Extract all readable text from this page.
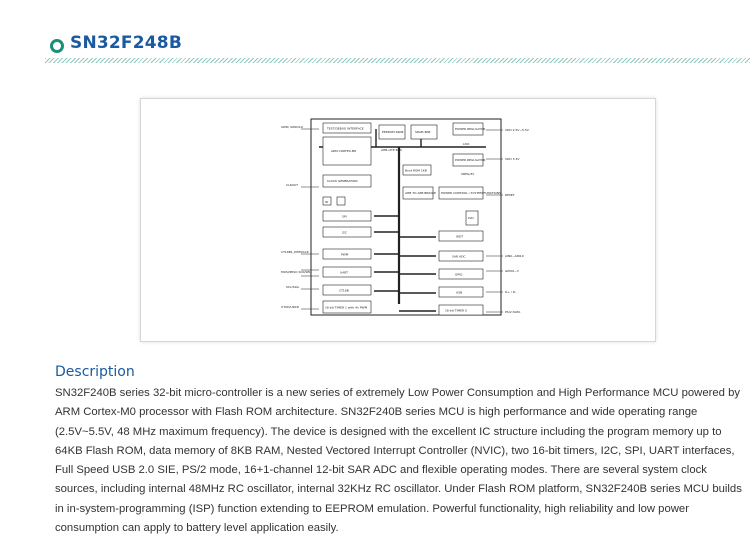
SN32F248B
AHB-LITE BUS
TEST/DEBUG INTERFACE
ARM CORTEX-M0
EEPROM 64KB	SRAM 8KB
Boot ROM 1KB
POWER REGULATOR
POWER REGULATOR
CLOCK GENERATION
AHB TO APB BRIDGE POWER CONTROL / SYSTEM FUNCTIONS
LVD
WDT
SPI
I2C
PWM
UART
CT16B
16-bit TIMER 1 with 4x PWM
SAR ADC
GPIO
USB
16-bit TIMER 0
IR
SWD/ SWDCLK
CLKOUT
CT16B1_PWM/CAP
MOSI/MISO SCK/SEL
SCL/SDA
UTXD/URXD
VDD 2.5V~5.5V
VDD 3.3V
LDO
VREG/3V
RESET
AIN0~AIN10
GPIO0~3
D+ / D-
PS/2 DATA
Description

SN32F240B series 32-bit micro-controller is a new series of extremely Low Power Consumption and High Performance MCU powered by ARM Cortex-M0 processor with Flash ROM architecture. SN32F240B series MCU is high performance and wide operating range (2.5V~5.5V, 48 MHz maximum frequency). The device is designed with the excellent IC structure including the program memory up to 64KB Flash ROM, data memory of 8KB RAM, Nested Vectored Interrupt Controller (NVIC), two 16-bit timers, I2C, SPI, UART interfaces, Full Speed USB 2.0 SIE, PS/2 mode, 16+1-channel 12-bit SAR ADC and flexible operating modes. There are several system clock sources, including internal 48MHz RC oscillator, internal 32KHz RC oscillator. Under Flash ROM platform, SN32F240B series MCU builds in in-system-programming (ISP) function extending to EEPROM emulation. Powerful functionality, high reliability and low power consumption can apply to battery level application easily.
